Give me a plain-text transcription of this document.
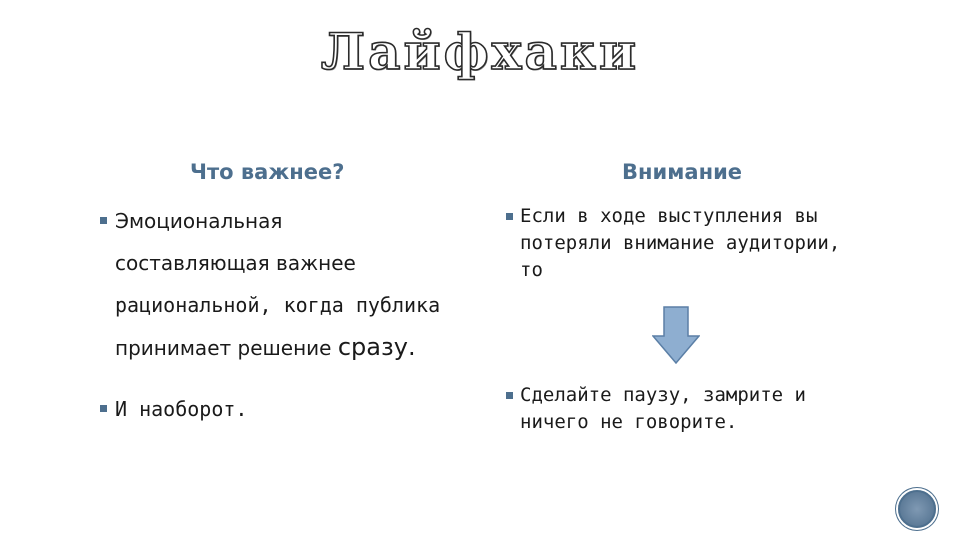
Лайфхаки
Что важнее?	Внимание
Эмоциональная
составляющая важнее
рациональной, когда публика
принимает решение сразу.
И наоборот.
Если в ходе выступления вы потеряли внимание аудитории, то
Сделайте паузу, замрите и ничего не говорите.
